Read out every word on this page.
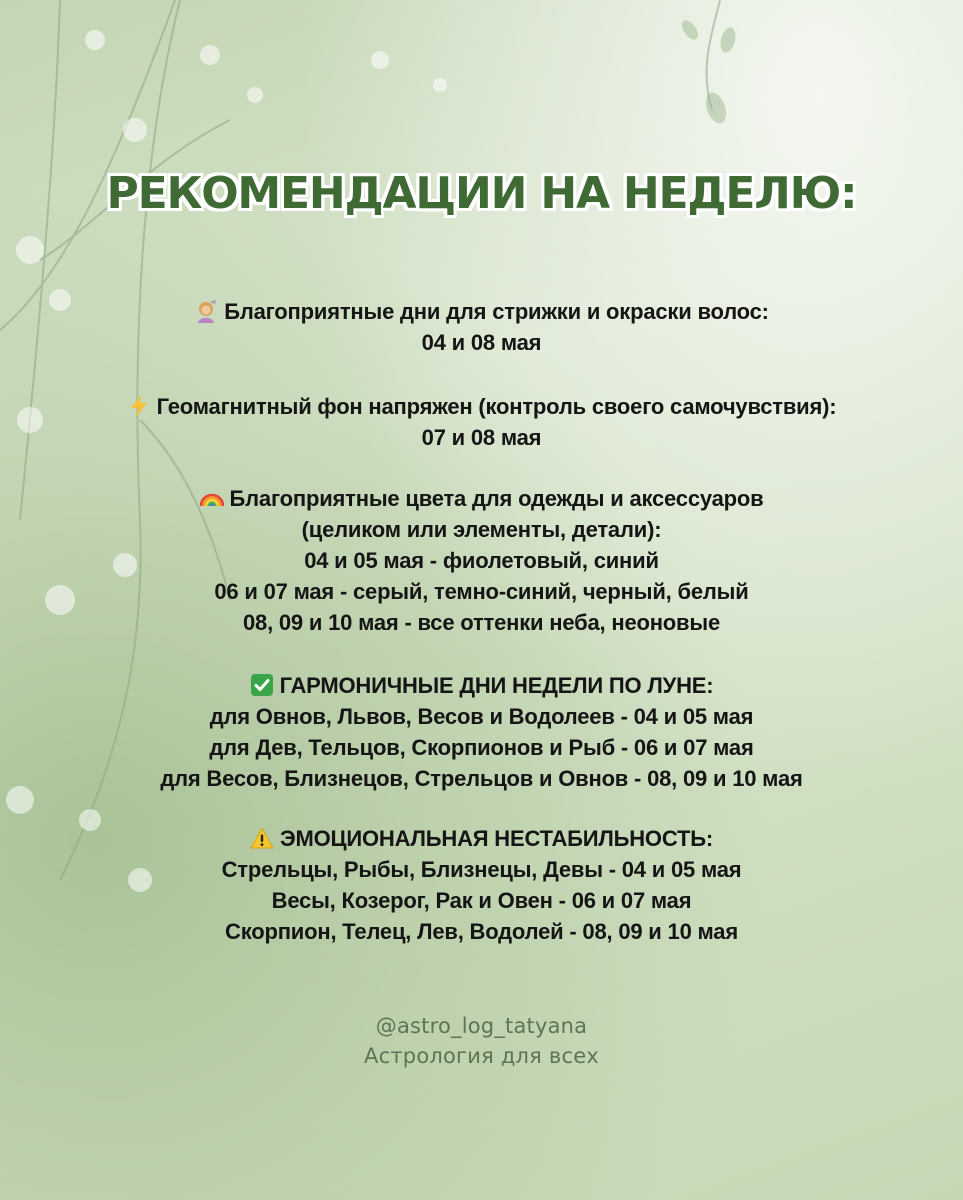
РЕКОМЕНДАЦИИ НА НЕДЕЛЮ:
Благоприятные дни для стрижки и окраски волос:
04 и 08 мая
Геомагнитный фон напряжен (контроль своего самочувствия):
07 и 08 мая
Благоприятные цвета для одежды и аксессуаров
(целиком или элементы, детали):
04 и 05 мая - фиолетовый, синий
06 и 07 мая - серый, темно-синий, черный, белый
08, 09 и 10 мая - все оттенки неба, неоновые
ГАРМОНИЧНЫЕ ДНИ НЕДЕЛИ ПО ЛУНЕ:
для Овнов, Львов, Весов и Водолеев - 04 и 05 мая
для Дев, Тельцов, Скорпионов и Рыб - 06 и 07 мая
для Весов, Близнецов, Стрельцов и Овнов - 08, 09 и 10 мая
ЭМОЦИОНАЛЬНАЯ НЕСТАБИЛЬНОСТЬ:
Стрельцы, Рыбы, Близнецы, Девы - 04 и 05 мая
Весы, Козерог, Рак и Овен - 06 и 07 мая
Скорпион, Телец, Лев, Водолей - 08, 09 и 10 мая
@astro_log_tatyana
Астрология для всех
